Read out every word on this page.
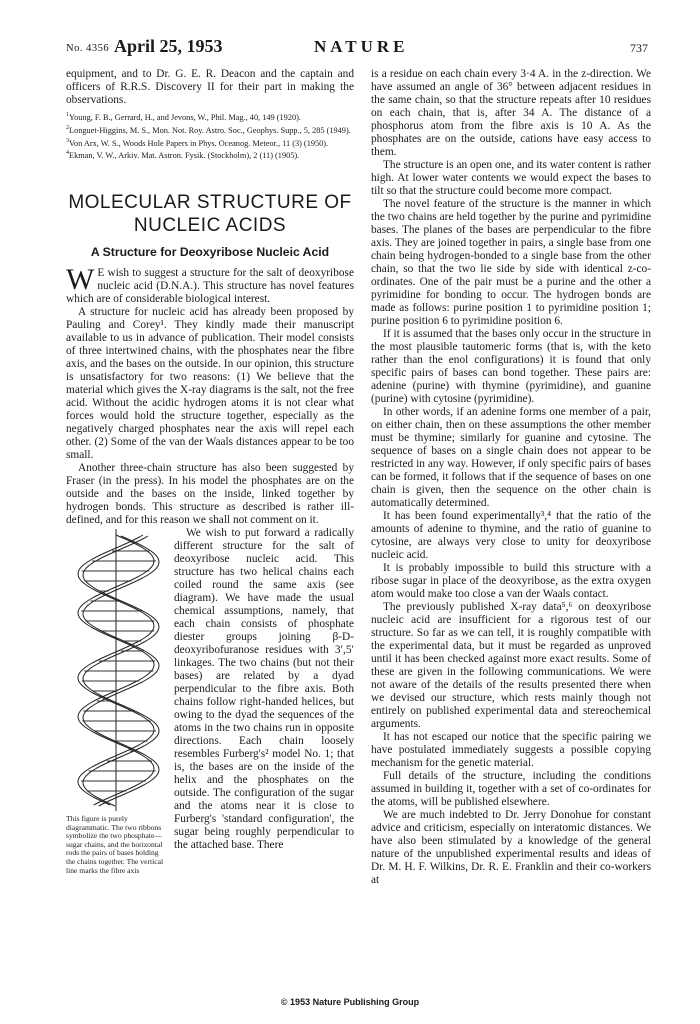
No. 4356 April 25, 1953	NATURE	737

equipment, and to Dr. G. E. R. Deacon and the captain and officers of R.R.S. Discovery II for their part in making the observations.

$^1$Young, F. B., Gerrard, H., and Jevons, W., Phil. Mag., 40, 149 (1920).
$^2$Longuet-Higgins, M. S., Mon. Not. Roy. Astro. Soc., Geophys. Supp., 5, 285 (1949).
$^3$Von Arx, W. S., Woods Hole Papers in Phys. Oceanog. Meteor., 11 (3) (1950).
$^4$Ekman, V. W., Arkiv. Mat. Astron. Fysik. (Stockholm), 2 (11) (1905).
MOLECULAR STRUCTURE OF
NUCLEIC ACIDS
A Structure for Deoxyribose Nucleic Acid

W E wish to suggest a structure for the salt of deoxyribose nucleic acid (D.N.A.). This structure has novel features which are of considerable biological interest.

A structure for nucleic acid has already been proposed by Pauling and Corey¹. They kindly made their manuscript available to us in advance of publication. Their model consists of three intertwined chains, with the phosphates near the fibre axis, and the bases on the outside. In our opinion, this structure is unsatisfactory for two reasons: (1) We believe that the material which gives the X-ray diagrams is the salt, not the free acid. Without the acidic hydrogen atoms it is not clear what forces would hold the structure together, especially as the negatively charged phosphates near the axis will repel each other. (2) Some of the van der Waals distances appear to be too small.

Another three-chain structure has also been suggested by Fraser (in the press). In his model the phosphates are on the outside and the bases on the inside, linked together by hydrogen bonds. This structure as described is rather ill-defined, and for this reason we shall not comment on it.

This figure is purely diagrammatic. The two ribbons symbolize the two phosphate—sugar chains, and the horizontal rods the pairs of bases holding the chains together. The vertical line marks the fibre axis

We wish to put forward a radically different structure for the salt of deoxyribose nucleic acid. This structure has two helical chains each coiled round the same axis (see diagram). We have made the usual chemical assumptions, namely, that each chain consists of phosphate diester groups joining β-D-deoxyribofuranose residues with 3′,5′ linkages. The two chains (but not their bases) are related by a dyad perpendicular to the fibre axis. Both chains follow right-handed helices, but owing to the dyad the sequences of the atoms in the two chains run in opposite directions. Each chain loosely resembles Furberg's² model No. 1; that is, the bases are on the inside of the helix and the phosphates on the outside. The configuration of the sugar and the atoms near it is close to Furberg's 'standard configuration', the sugar being roughly perpendicular to the attached base. There

is a residue on each chain every 3·4 A. in the z-direction. We have assumed an angle of 36° between adjacent residues in the same chain, so that the structure repeats after 10 residues on each chain, that is, after 34 A. The distance of a phosphorus atom from the fibre axis is 10 A. As the phosphates are on the outside, cations have easy access to them.

The structure is an open one, and its water content is rather high. At lower water contents we would expect the bases to tilt so that the structure could become more compact.

The novel feature of the structure is the manner in which the two chains are held together by the purine and pyrimidine bases. The planes of the bases are perpendicular to the fibre axis. They are joined together in pairs, a single base from one chain being hydrogen-bonded to a single base from the other chain, so that the two lie side by side with identical z-co-ordinates. One of the pair must be a purine and the other a pyrimidine for bonding to occur. The hydrogen bonds are made as follows: purine position 1 to pyrimidine position 1; purine position 6 to pyrimidine position 6.

If it is assumed that the bases only occur in the structure in the most plausible tautomeric forms (that is, with the keto rather than the enol configurations) it is found that only specific pairs of bases can bond together. These pairs are: adenine (purine) with thymine (pyrimidine), and guanine (purine) with cytosine (pyrimidine).

In other words, if an adenine forms one member of a pair, on either chain, then on these assumptions the other member must be thymine; similarly for guanine and cytosine. The sequence of bases on a single chain does not appear to be restricted in any way. However, if only specific pairs of bases can be formed, it follows that if the sequence of bases on one chain is given, then the sequence on the other chain is automatically determined.

It has been found experimentally³,⁴ that the ratio of the amounts of adenine to thymine, and the ratio of guanine to cytosine, are always very close to unity for deoxyribose nucleic acid.

It is probably impossible to build this structure with a ribose sugar in place of the deoxyribose, as the extra oxygen atom would make too close a van der Waals contact.

The previously published X-ray data⁵,⁶ on deoxyribose nucleic acid are insufficient for a rigorous test of our structure. So far as we can tell, it is roughly compatible with the experimental data, but it must be regarded as unproved until it has been checked against more exact results. Some of these are given in the following communications. We were not aware of the details of the results presented there when we devised our structure, which rests mainly though not entirely on published experimental data and stereochemical arguments.

It has not escaped our notice that the specific pairing we have postulated immediately suggests a possible copying mechanism for the genetic material.

Full details of the structure, including the conditions assumed in building it, together with a set of co-ordinates for the atoms, will be published elsewhere.

We are much indebted to Dr. Jerry Donohue for constant advice and criticism, especially on interatomic distances. We have also been stimulated by a knowledge of the general nature of the unpublished experimental results and ideas of Dr. M. H. F. Wilkins, Dr. R. E. Franklin and their co-workers at

© 1953 Nature Publishing Group
